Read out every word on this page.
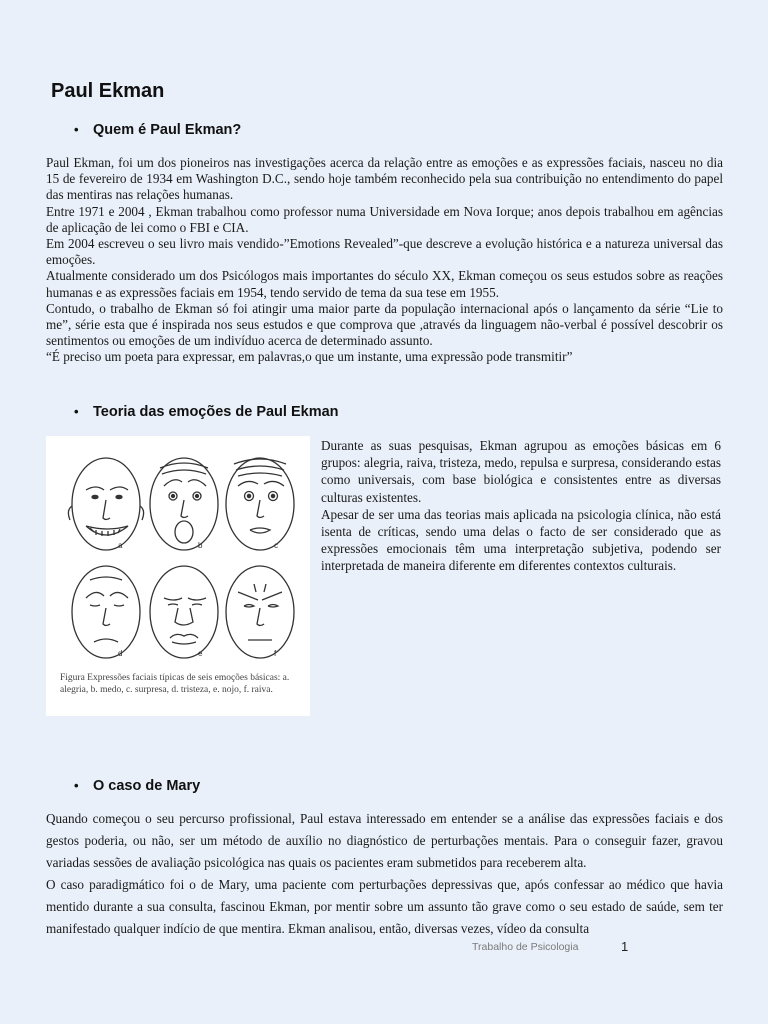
Paul Ekman
• Quem é Paul Ekman?

Paul Ekman, foi um dos pioneiros nas investigações acerca da relação entre as emoções e as expressões faciais, nasceu no dia 15 de fevereiro de 1934 em Washington D.C., sendo hoje também reconhecido pela sua contribuição no entendimento do papel das mentiras nas relações humanas.

Entre 1971 e 2004 , Ekman trabalhou como professor numa Universidade em Nova Iorque; anos depois trabalhou em agências de aplicação de lei como o FBI e CIA.

Em 2004 escreveu o seu livro mais vendido-”Emotions Revealed”-que descreve a evolução histórica e a natureza universal das emoções.

Atualmente considerado um dos Psicólogos mais importantes do século XX, Ekman começou os seus estudos sobre as reações humanas e as expressões faciais em 1954, tendo servido de tema da sua tese em 1955.

Contudo, o trabalho de Ekman só foi atingir uma maior parte da população internacional após o lançamento da série “Lie to me”, série esta que é inspirada nos seus estudos e que comprova que ,através da linguagem não-verbal é possível descobrir os sentimentos ou emoções de um indivíduo acerca de determinado assunto.

“É preciso um poeta para expressar, em palavras,o que um instante, uma expressão pode transmitir”

• Teoria das emoções de Paul Ekman
a	b	c
d	e	f
Figura Expressões faciais típicas de seis emoções básicas: a. alegria, b. medo, c. surpresa, d. tristeza, e. nojo, f. raiva.

Durante as suas pesquisas, Ekman agrupou as emoções básicas em 6 grupos: alegria, raiva, tristeza, medo, repulsa e surpresa, considerando estas como universais, com base biológica e consistentes entre as diversas culturas existentes.

Apesar de ser uma das teorias mais aplicada na psicologia clínica, não está isenta de críticas, sendo uma delas o facto de ser considerado que as expressões emocionais têm uma interpretação subjetiva, podendo ser interpretada de maneira diferente em diferentes contextos culturais.

• O caso de Mary

Quando começou o seu percurso profissional, Paul estava interessado em entender se a análise das expressões faciais e dos gestos poderia, ou não, ser um método de auxílio no diagnóstico de perturbações mentais. Para o conseguir fazer, gravou variadas sessões de avaliação psicológica nas quais os pacientes eram submetidos para receberem alta.

O caso paradigmático foi o de Mary, uma paciente com perturbações depressivas que, após confessar ao médico que havia mentido durante a sua consulta, fascinou Ekman, por mentir sobre um assunto tão grave como o seu estado de saúde, sem ter manifestado qualquer indício de que mentira. Ekman analisou, então, diversas vezes, vídeo da consulta

Trabalho de Psicologia	1
